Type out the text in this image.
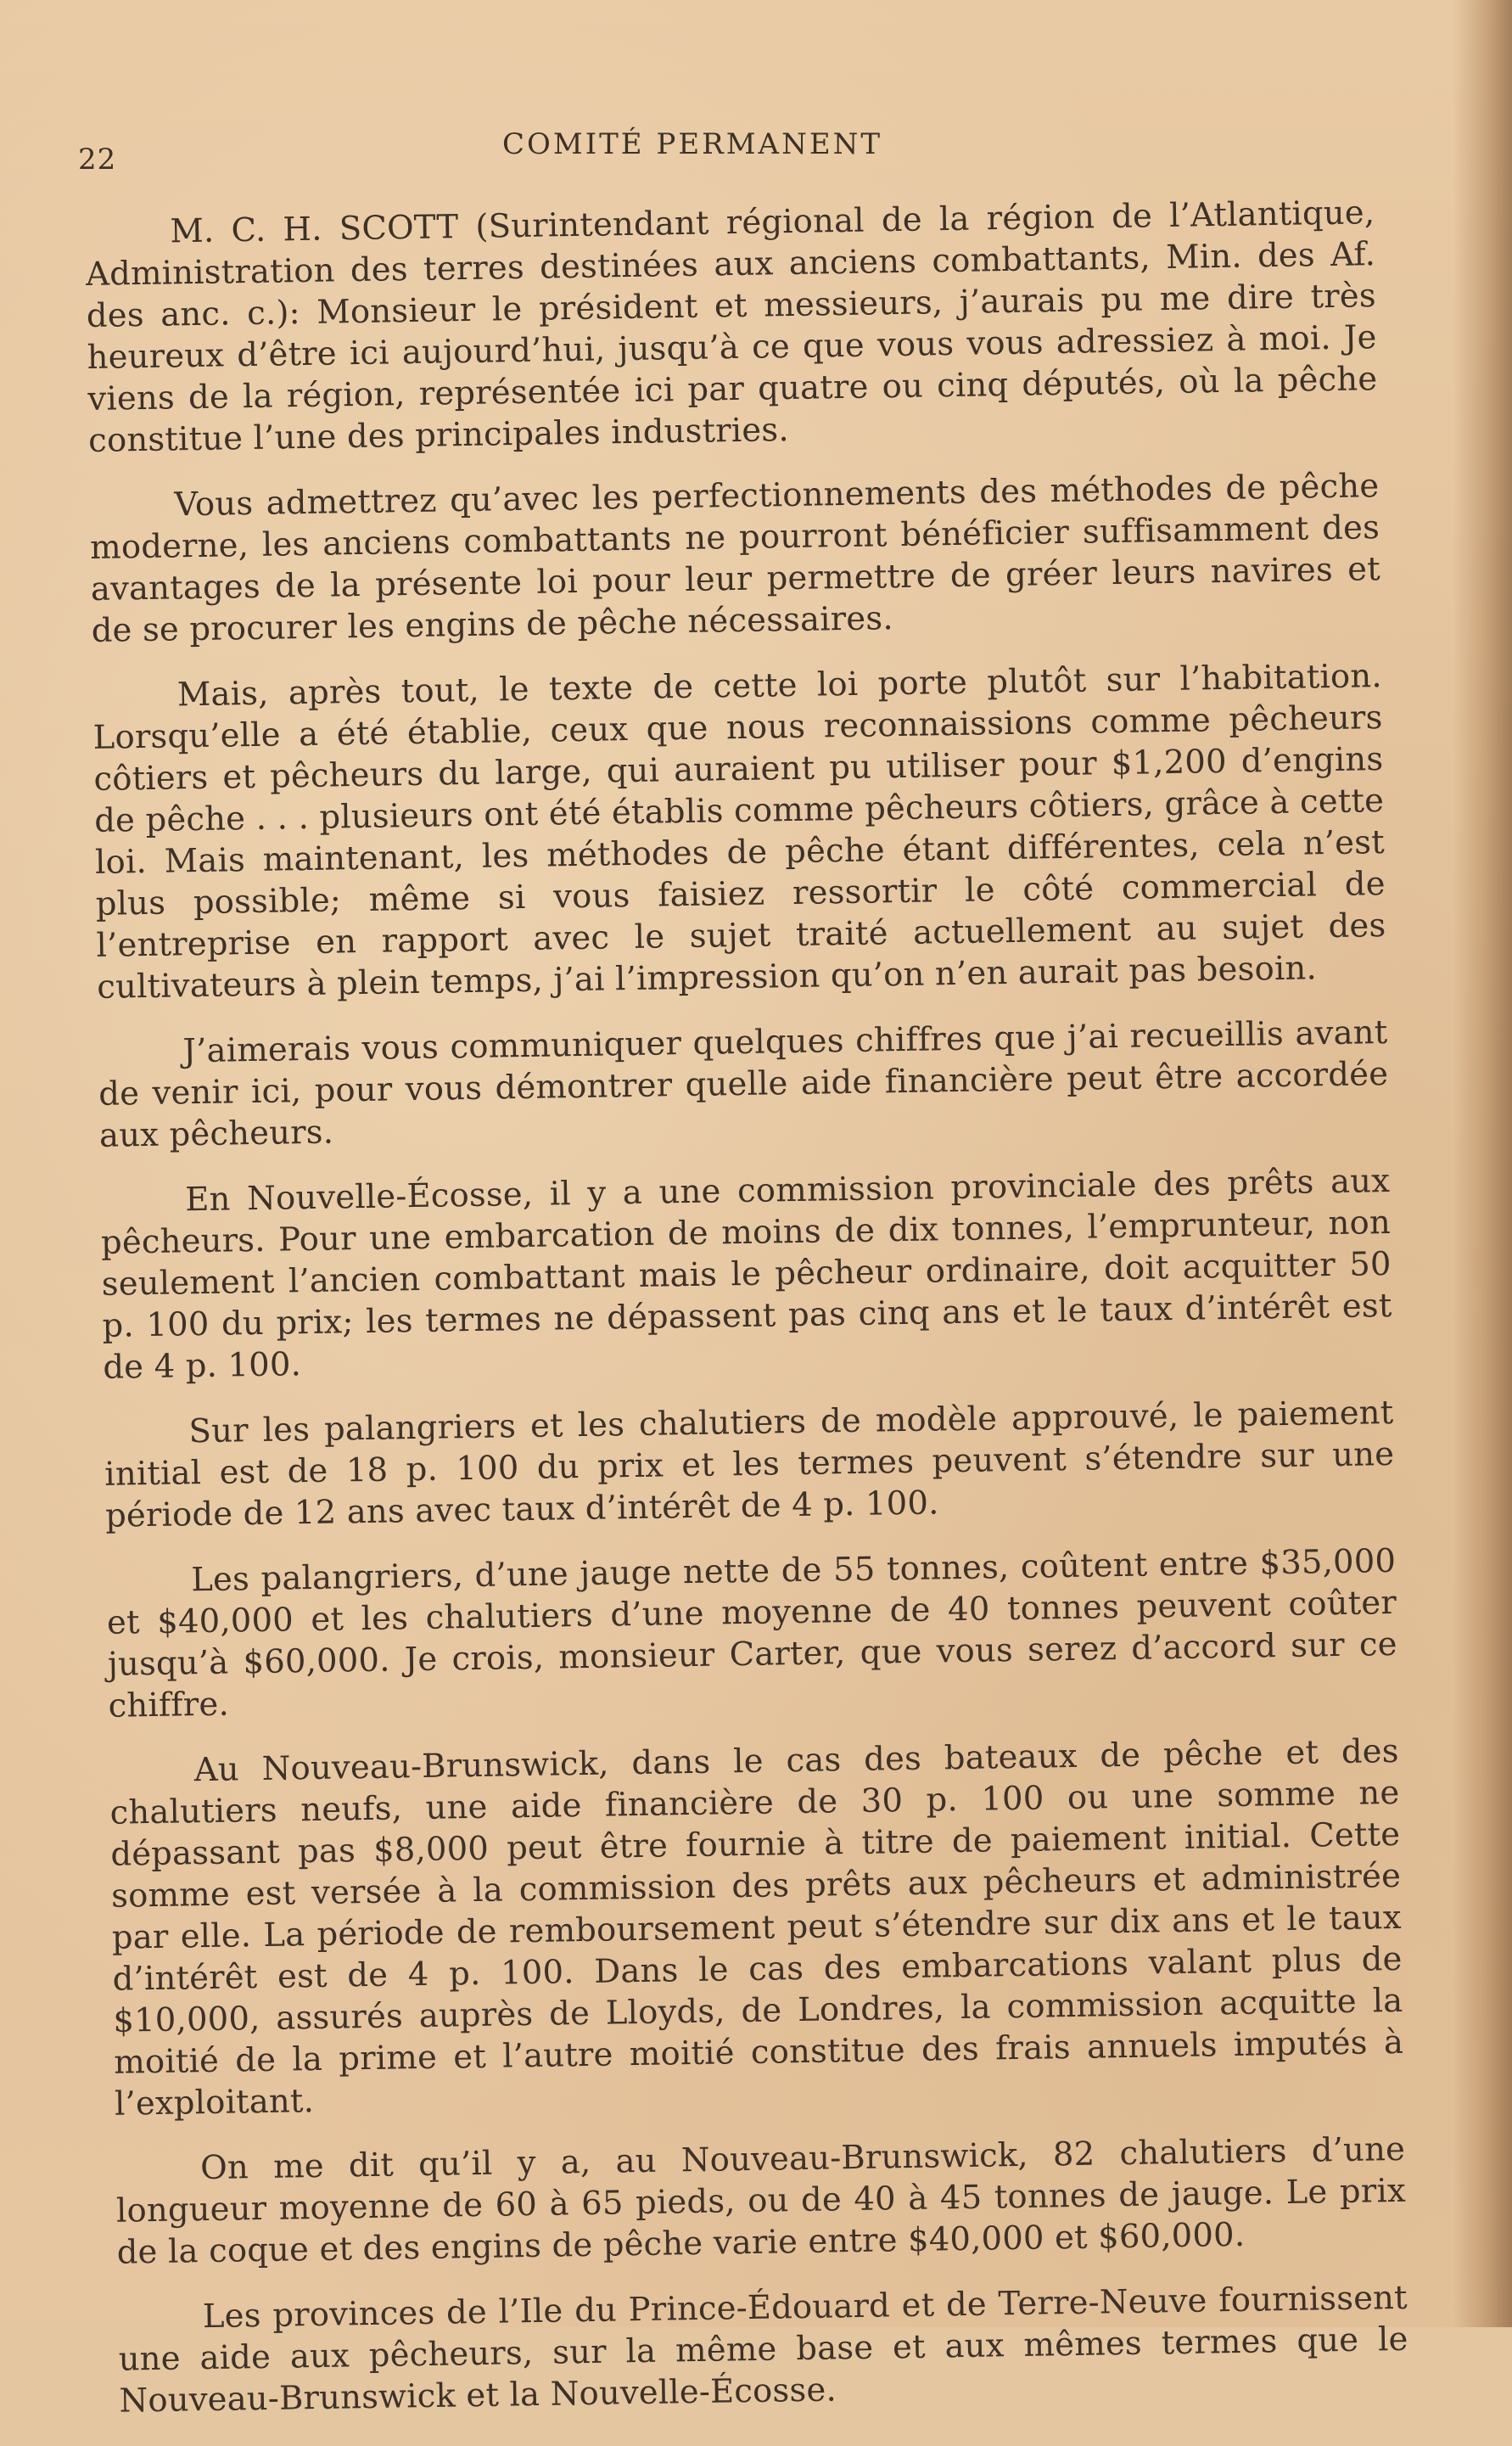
22	COMITÉ PERMANENT

M. C. H. SCOTT (Surintendant régional de la région de l’Atlantique, Administration des terres destinées aux anciens combattants, Min. des Af. des anc. c.): Monsieur le président et messieurs, j’aurais pu me dire très heureux d’être ici aujourd’hui, jusqu’à ce que vous vous adressiez à moi. Je viens de la région, représentée ici par quatre ou cinq députés, où la pêche constitue l’une des principales industries.

Vous admettrez qu’avec les perfectionnements des méthodes de pêche moderne, les anciens combattants ne pourront bénéficier suffisamment des avantages de la présente loi pour leur permettre de gréer leurs navires et de se procurer les engins de pêche nécessaires.

Mais, après tout, le texte de cette loi porte plutôt sur l’habitation. Lorsqu’elle a été établie, ceux que nous reconnaissions comme pêcheurs côtiers et pêcheurs du large, qui auraient pu utiliser pour $1,200 d’engins de pêche . . . plusieurs ont été établis comme pêcheurs côtiers, grâce à cette loi. Mais maintenant, les méthodes de pêche étant différentes, cela n’est plus possible; même si vous faisiez ressortir le côté commercial de l’entreprise en rapport avec le sujet traité actuellement au sujet des cultivateurs à plein temps, j’ai l’impression qu’on n’en aurait pas besoin.

J’aimerais vous communiquer quelques chiffres que j’ai recueillis avant de venir ici, pour vous démontrer quelle aide financière peut être accordée aux pêcheurs.

En Nouvelle-Écosse, il y a une commission provinciale des prêts aux pêcheurs. Pour une embarcation de moins de dix tonnes, l’emprunteur, non seulement l’ancien combattant mais le pêcheur ordinaire, doit acquitter 50 p. 100 du prix; les termes ne dépassent pas cinq ans et le taux d’intérêt est de 4 p. 100.

Sur les palangriers et les chalutiers de modèle approuvé, le paiement initial est de 18 p. 100 du prix et les termes peuvent s’étendre sur une période de 12 ans avec taux d’intérêt de 4 p. 100.

Les palangriers, d’une jauge nette de 55 tonnes, coûtent entre $35,000 et $40,000 et les chalutiers d’une moyenne de 40 tonnes peuvent coûter jusqu’à $60,000. Je crois, monsieur Carter, que vous serez d’accord sur ce chiffre.

Au Nouveau-Brunswick, dans le cas des bateaux de pêche et des chalutiers neufs, une aide financière de 30 p. 100 ou une somme ne dépassant pas $8,000 peut être fournie à titre de paiement initial. Cette somme est versée à la commission des prêts aux pêcheurs et administrée par elle. La période de remboursement peut s’étendre sur dix ans et le taux d’intérêt est de 4 p. 100. Dans le cas des embarcations valant plus de $10,000, assurés auprès de Lloyds, de Londres, la commission acquitte la moitié de la prime et l’autre moitié constitue des frais annuels imputés à l’exploitant.

On me dit qu’il y a, au Nouveau-Brunswick, 82 chalutiers d’une longueur moyenne de 60 à 65 pieds, ou de 40 à 45 tonnes de jauge. Le prix de la coque et des engins de pêche varie entre $40,000 et $60,000.

Les provinces de l’Ile du Prince-Édouard et de Terre-Neuve fournissent une aide aux pêcheurs, sur la même base et aux mêmes termes que le Nouveau-Brunswick et la Nouvelle-Écosse.
